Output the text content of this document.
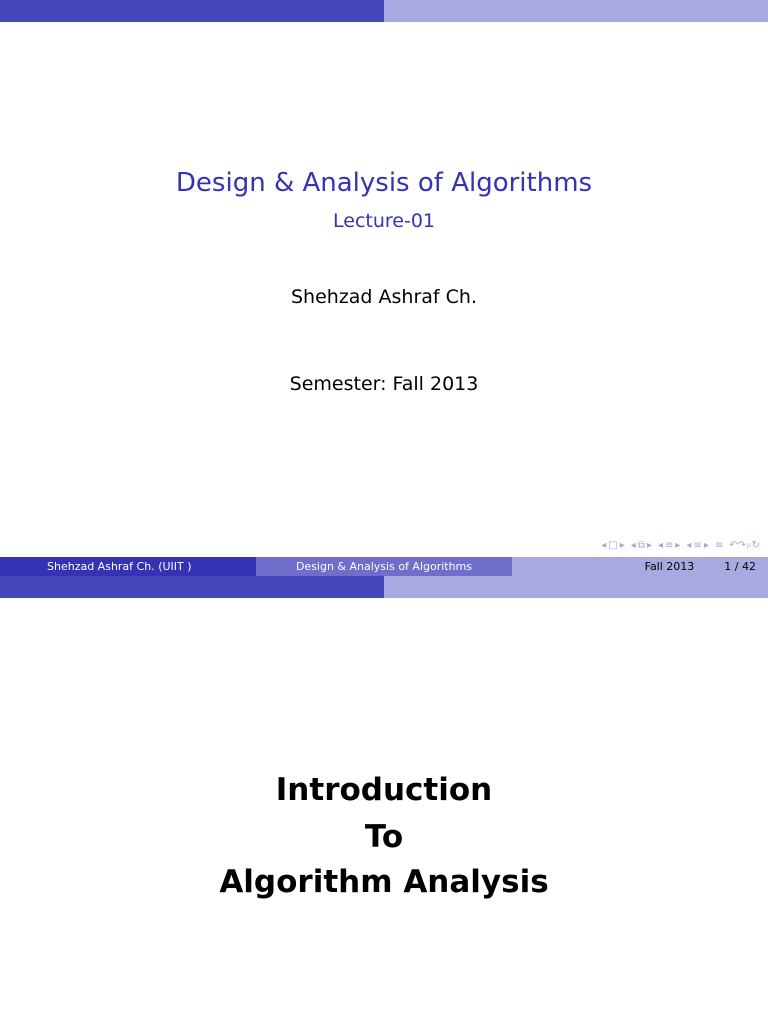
Design & Analysis of Algorithms
Lecture-01
Shehzad Ashraf Ch.
Semester: Fall 2013
◂ □ ▸ ◂ ⧉ ▸ ◂ ≡ ▸ ◂ ≡ ▸ ≡ ↶↷⌕↻
Shehzad Ashraf Ch. (UIIT )	Design & Analysis of Algorithms	Fall 2013	1 / 42
Introduction
To
Algorithm Analysis
